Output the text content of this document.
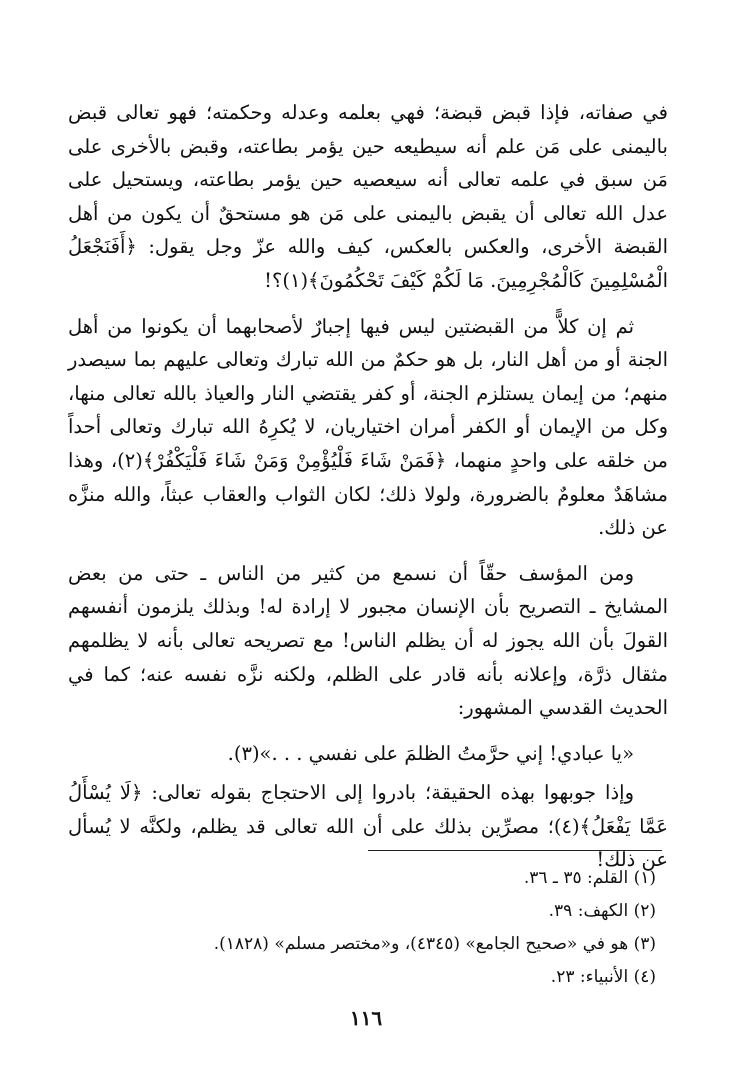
في صفاته، فإذا قبض قبضة؛ فهي بعلمه وعدله وحكمته؛ فهو تعالى قبض باليمنى على مَن علم أنه سيطيعه حين يؤمر بطاعته، وقبض بالأخرى على مَن سبق في علمه تعالى أنه سيعصيه حين يؤمر بطاعته، ويستحيل على عدل الله تعالى أن يقبض باليمنى على مَن هو مستحقٌ أن يكون من أهل القبضة الأخرى، والعكس بالعكس، كيف والله عزّ وجل يقول: ﴿أَفَنَجْعَلُ الْمُسْلِمِينَ كَالْمُجْرِمِينَ. مَا لَكُمْ كَيْفَ تَحْكُمُونَ﴾(١)؟!

ثم إن كلاًّ من القبضتين ليس فيها إجبارٌ لأصحابهما أن يكونوا من أهل الجنة أو من أهل النار، بل هو حكمٌ من الله تبارك وتعالى عليهم بما سيصدر منهم؛ من إيمان يستلزم الجنة، أو كفر يقتضي النار والعياذ بالله تعالى منها، وكل من الإيمان أو الكفر أمران اختياريان، لا يُكرِهُ الله تبارك وتعالى أحداً من خلقه على واحدٍ منهما، ﴿فَمَنْ شَاءَ فَلْيُؤْمِنْ وَمَنْ شَاءَ فَلْيَكْفُرْ﴾(٢)، وهذا مشاهَدٌ معلومٌ بالضرورة، ولولا ذلك؛ لكان الثواب والعقاب عبثاً، والله منزَّه عن ذلك.

ومن المؤسف حقّاً أن نسمع من كثير من الناس ـ حتى من بعض المشايخ ـ التصريح بأن الإنسان مجبور لا إرادة له! وبذلك يلزمون أنفسهم القولَ بأن الله يجوز له أن يظلم الناس! مع تصريحه تعالى بأنه لا يظلمهم مثقال ذرَّة، وإعلانه بأنه قادر على الظلم، ولكنه نزَّه نفسه عنه؛ كما في الحديث القدسي المشهور:

«يا عبادي! إني حرَّمتُ الظلمَ على نفسي . . .»(٣).

وإذا جوبهوا بهذه الحقيقة؛ بادروا إلى الاحتجاج بقوله تعالى: ﴿لَا يُسْأَلُ عَمَّا يَفْعَلُ﴾(٤)؛ مصرِّين بذلك على أن الله تعالى قد يظلم، ولكنَّه لا يُسأل عن ذلك!

(١) القلم: ٣٥ ـ ٣٦.
(٢) الكهف: ٣٩.
(٣) هو في «صحيح الجامع» (٤٣٤٥)، و«مختصر مسلم» (١٨٢٨).
(٤) الأنبياء: ٢٣.
١١٦
